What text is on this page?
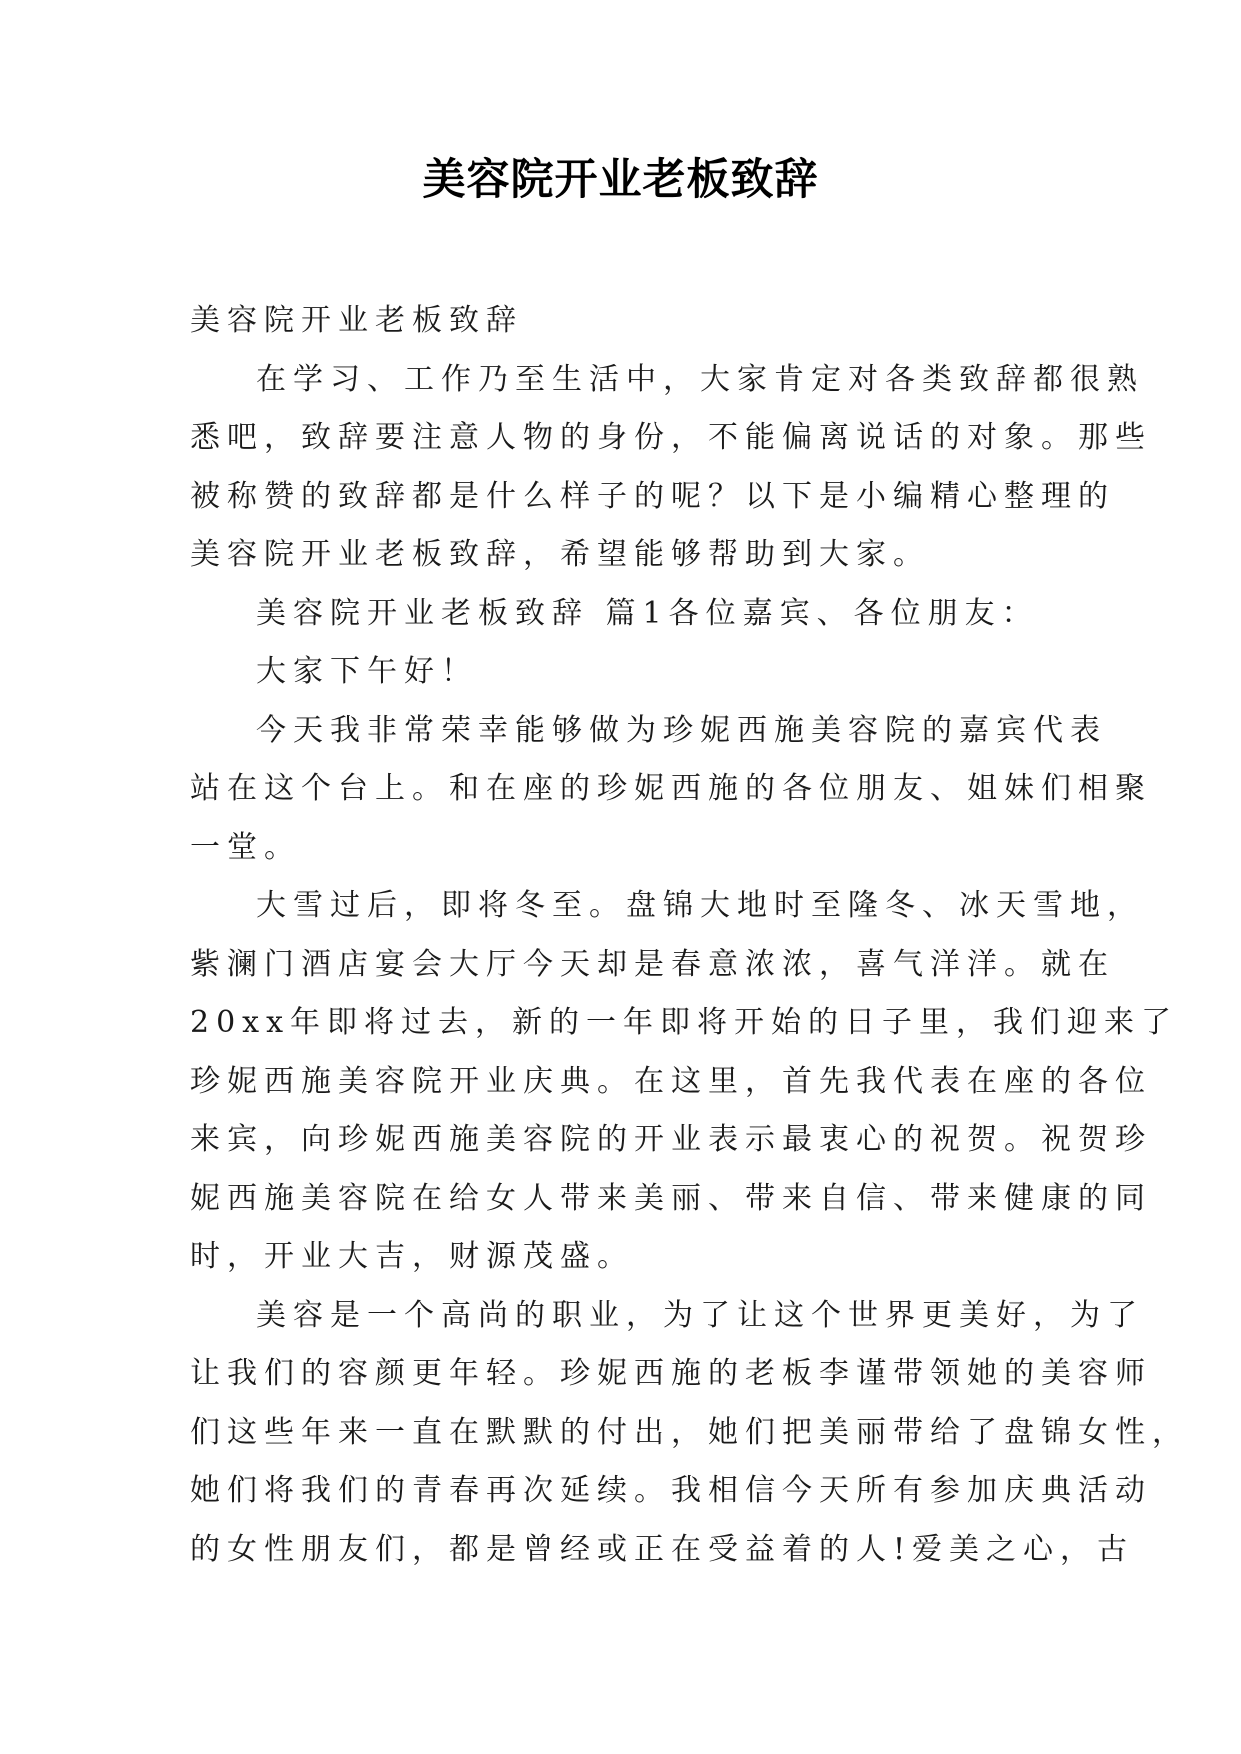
美容院开业老板致辞
美容院开业老板致辞
在学习、工作乃至生活中，大家肯定对各类致辞都很熟
悉吧，致辞要注意人物的身份，不能偏离说话的对象。那些
被称赞的致辞都是什么样子的呢？以下是小编精心整理的
美容院开业老板致辞，希望能够帮助到大家。
美容院开业老板致辞 篇1各位嘉宾、各位朋友：
大家下午好！
今天我非常荣幸能够做为珍妮西施美容院的嘉宾代表
站在这个台上。和在座的珍妮西施的各位朋友、姐妹们相聚
一堂。
大雪过后，即将冬至。盘锦大地时至隆冬、冰天雪地，
紫澜门酒店宴会大厅今天却是春意浓浓，喜气洋洋。就在
20xx年即将过去，新的一年即将开始的日子里，我们迎来了
珍妮西施美容院开业庆典。在这里，首先我代表在座的各位
来宾，向珍妮西施美容院的开业表示最衷心的祝贺。祝贺珍
妮西施美容院在给女人带来美丽、带来自信、带来健康的同
时，开业大吉，财源茂盛。
美容是一个高尚的职业，为了让这个世界更美好，为了
让我们的容颜更年轻。珍妮西施的老板李谨带领她的美容师
们这些年来一直在默默的付出，她们把美丽带给了盘锦女性，
她们将我们的青春再次延续。我相信今天所有参加庆典活动
的女性朋友们，都是曾经或正在受益着的人!爱美之心，古
